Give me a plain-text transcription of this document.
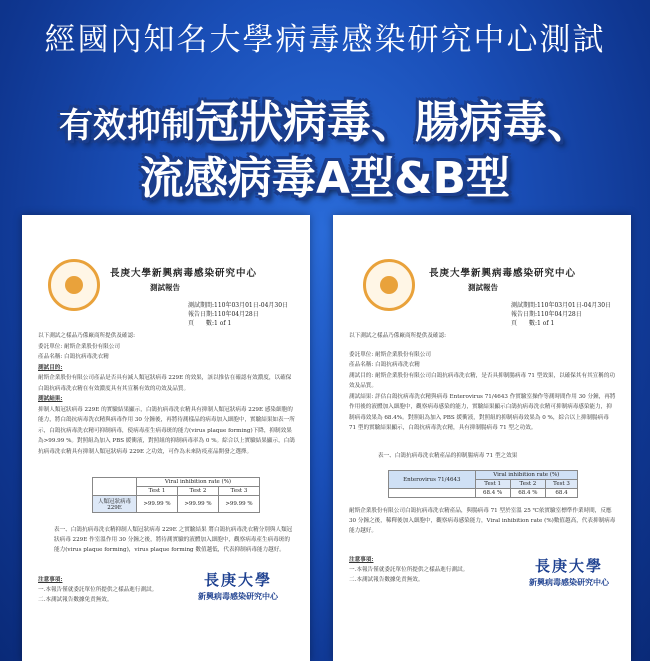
經國內知名大學病毒感染研究中心測試
有效抑制冠狀病毒、腸病毒、
流感病毒A型&B型
長庚大學新興病毒感染研究中心
測試報告
測試期間:110年03月01日-04月30日
報告日期:110年04月28日
頁　　數:1 of 1

以下測試之樣品乃係廠商所提供及確認:

委託單位: 耐斯企業股份有限公司

產品名稱: 白鴿抗病毒洗衣精

測試目的:

耐斯企業股份有限公司產品是否具有減人類冠狀病毒 229E 的效果，該以推估在確認有效濃度，以確保白鴿抗病毒洗衣精在有效濃度具有其宣稱有效的功效及品質。

測試結果:

抑制人類冠狀病毒 229E 的實驗結果顯示，白鴿抗病毒洗衣精具有抑制人類冠狀病毒 229E 感染細胞的能力，將白鴿抗病毒洗衣精與病毒作用 30 分鐘後，再將待測樣品的病毒加入細胞中，實驗結果如表一所示，白鴿抗病毒洗衣精可抑制病毒，使病毒產生病毒斑的能力(virus plaque forming)下降，抑制效果為>99.99 %。對照組為加入 PBS 緩衝液，對照組的抑制病毒率為 0 %。綜合以上實驗結果顯示，白鴿抗病毒洗衣精具有抑制人類冠狀病毒 229E 之功效，可作為未來防疫產品開發之選擇。

	Viral inhibition rate (%)		
	Test 1	Test 2	Test 3
人類冠狀病毒 229E	>99.99 %	>99.99 %	>99.99 %
表一、白鴿抗病毒洗衣精抑制人類冠狀病毒 229E 之實驗結果 將白鴿抗病毒洗衣精分別與人類冠狀病毒 229E 作室溫作用 30 分鐘之後，將待測實驗的液體加入細胞中，觀察病毒產生病毒斑的能力(virus plaque forming)，virus plaque forming 數值越低，代表抑制病毒能力越好。
注意事項:
一.本報告僅就委託單位所提供之樣品進行測試。
二.本測試報告數據免責無效。
長庚大學
新興病毒感染研究中心
長庚大學新興病毒感染研究中心
測試報告
測試期間:110年03月01日-04月30日
報告日期:110年04月28日
頁　　數:1 of 1

以下測試之樣品乃係廠商所提供及確認:

委託單位: 耐斯企業股份有限公司

產品名稱: 白鴿抗病毒洗衣精

測試目的: 耐斯企業股份有限公司白鴿抗病毒洗衣精，是否具抑制腸病毒 71 型效果，以確保其有其宣稱的功效及品質。

測試結果: 評估白鴿抗病毒洗衣精與病毒 Enterovirus 71/4643 作實驗室操作等測時間作用 30 分鐘，再將作用後的液體加入細胞中，觀察病毒感染的能力，實驗結果顯示白鴿抗病毒洗衣精可抑制病毒感染能力，抑制病毒效果為 68.4%。對照組為加入 PBS 緩衝液，對照組的抑制病毒效果為 0 %，綜合以上抑制腸病毒 71 型的實驗結果顯示，白鴿抗病毒洗衣精，具有抑制腸病毒 71 型之功效。

表一、白鴿抗病毒洗衣精產品的抑制腸病毒 71 型之效果
Enterovirus 71/4643	Viral inhibition rate (%)		
	Test 1	Test 2	Test 3
	68.4 %	68.4 %	68.4
耐斯企業股份有限公司白鴿抗病毒洗衣精產品，與腸病毒 71 型於室溫 25 ℃依實驗室標準作業時間，反應 30 分鐘之後，稀釋後加入細胞中，觀察病毒感染能力，Viral inhibition rate (%)數值越高，代表抑制病毒能力越好。
注意事項:
一.本報告僅就委託單位所提供之樣品進行測試。
二.本測試報告數據免責無效。
長庚大學
新興病毒感染研究中心
